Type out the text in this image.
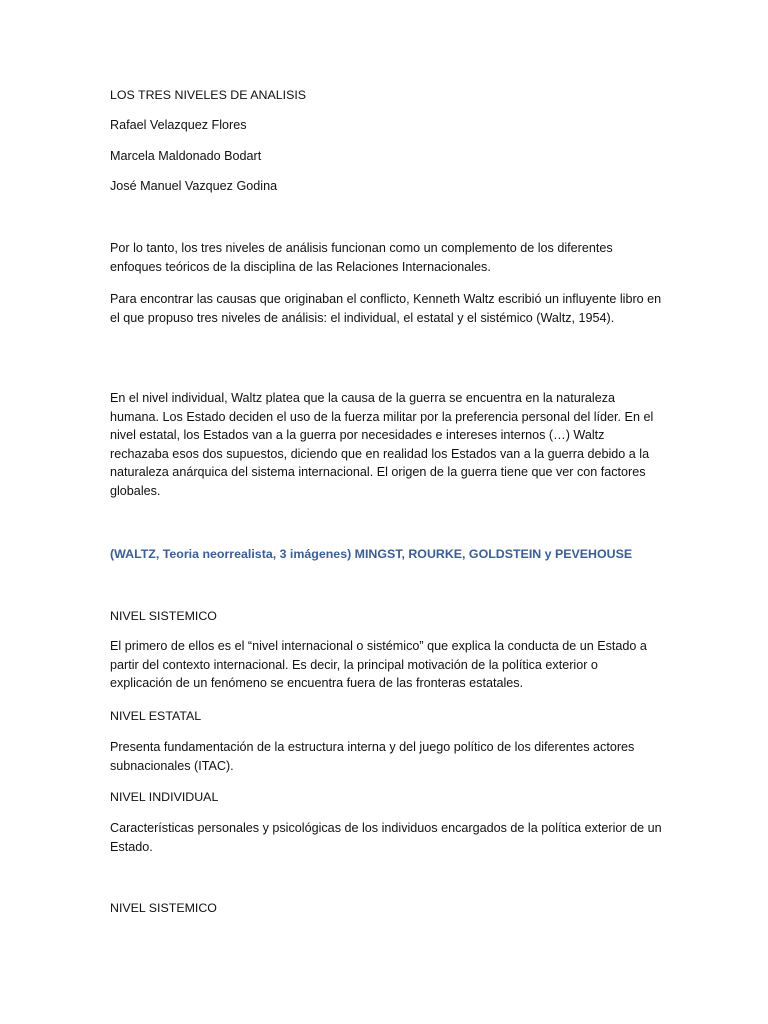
LOS TRES NIVELES DE ANALISIS

Rafael Velazquez Flores

Marcela Maldonado Bodart

José Manuel Vazquez Godina

Por lo tanto, los tres niveles de análisis funcionan como un complemento de los diferentes enfoques teóricos de la disciplina de las Relaciones Internacionales.

Para encontrar las causas que originaban el conflicto, Kenneth Waltz escribió un influyente libro en el que propuso tres niveles de análisis: el individual, el estatal y el sistémico (Waltz, 1954).

En el nivel individual, Waltz platea que la causa de la guerra se encuentra en la naturaleza humana. Los Estado deciden el uso de la fuerza militar por la preferencia personal del líder. En el nivel estatal, los Estados van a la guerra por necesidades e intereses internos (…) Waltz rechazaba esos dos supuestos, diciendo que en realidad los Estados van a la guerra debido a la naturaleza anárquica del sistema internacional. El origen de la guerra tiene que ver con factores globales.

(WALTZ, Teoria neorrealista, 3 imágenes) MINGST, ROURKE, GOLDSTEIN y PEVEHOUSE

NIVEL SISTEMICO

El primero de ellos es el “nivel internacional o sistémico” que explica la conducta de un Estado a partir del contexto internacional. Es decir, la principal motivación de la política exterior o explicación de un fenómeno se encuentra fuera de las fronteras estatales.

NIVEL ESTATAL

Presenta fundamentación de la estructura interna y del juego político de los diferentes actores subnacionales (ITAC).

NIVEL INDIVIDUAL

Características personales y psicológicas de los individuos encargados de la política exterior de un Estado.

NIVEL SISTEMICO
